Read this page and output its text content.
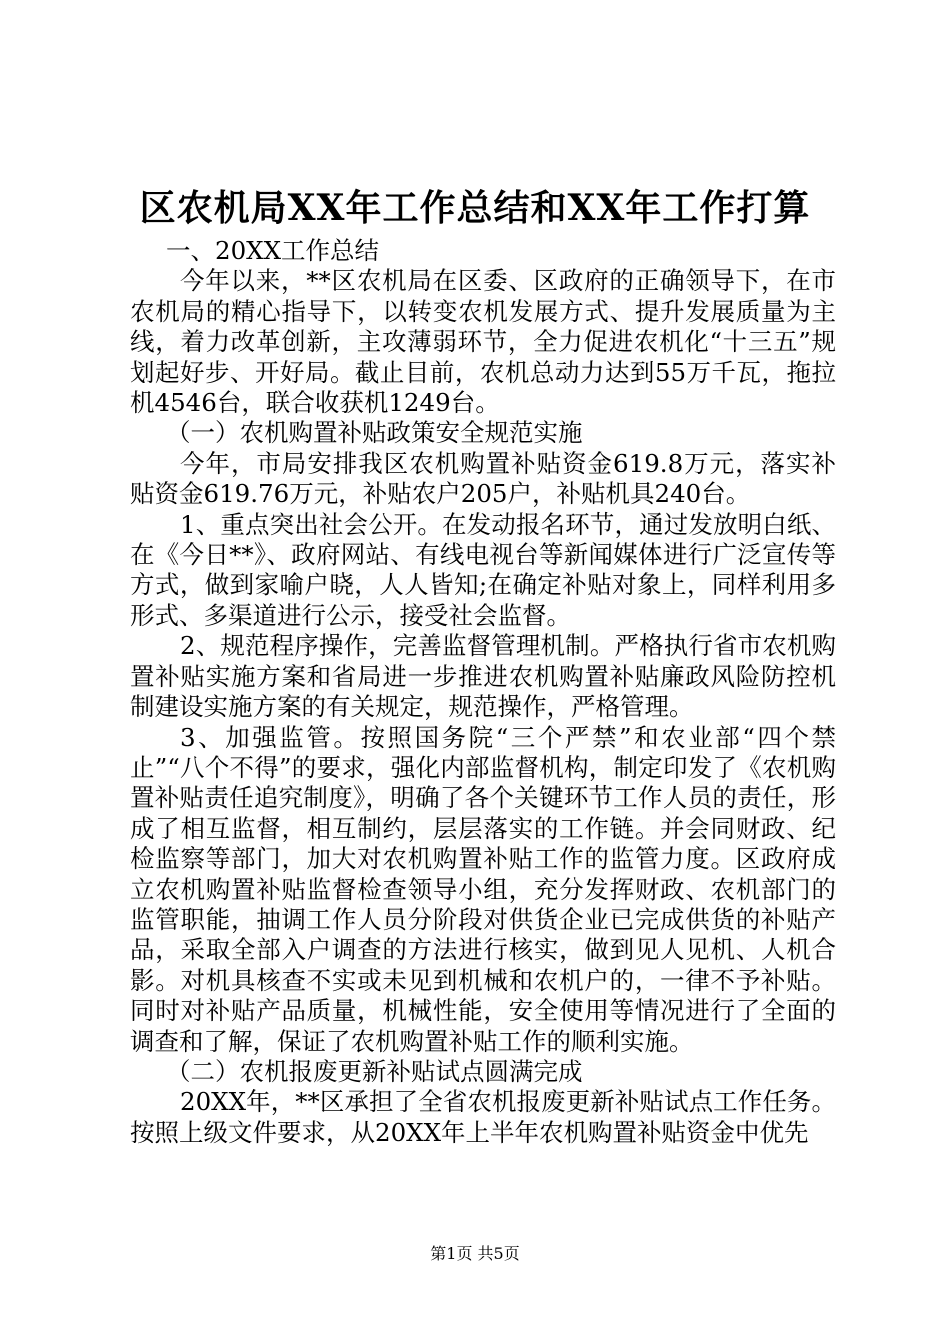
区农机局XX年工作总结和XX年工作打算

一、20XX工作总结

今年以来，**区农机局在区委、区政府的正确领导下，在市农机局的精心指导下，以转变农机发展方式、提升发展质量为主线，着力改革创新，主攻薄弱环节，全力促进农机化“十三五”规划起好步、开好局。截止目前，农机总动力达到55万千瓦，拖拉机4546台，联合收获机1249台。

（一）农机购置补贴政策安全规范实施

今年，市局安排我区农机购置补贴资金619.8万元，落实补贴资金619.76万元，补贴农户205户，补贴机具240台。

1、重点突出社会公开。在发动报名环节，通过发放明白纸、在《今日**》、政府网站、有线电视台等新闻媒体进行广泛宣传等方式，做到家喻户晓，人人皆知;在确定补贴对象上，同样利用多形式、多渠道进行公示，接受社会监督。

2、规范程序操作，完善监督管理机制。严格执行省市农机购置补贴实施方案和省局进一步推进农机购置补贴廉政风险防控机制建设实施方案的有关规定，规范操作，严格管理。

3、加强监管。按照国务院“三个严禁”和农业部“四个禁止”“八个不得”的要求，强化内部监督机构，制定印发了《农机购置补贴责任追究制度》，明确了各个关键环节工作人员的责任，形成了相互监督，相互制约，层层落实的工作链。并会同财政、纪检监察等部门，加大对农机购置补贴工作的监管力度。区政府成立农机购置补贴监督检查领导小组，充分发挥财政、农机部门的监管职能，抽调工作人员分阶段对供货企业已完成供货的补贴产品，采取全部入户调查的方法进行核实，做到见人见机、人机合影。对机具核查不实或未见到机械和农机户的，一律不予补贴。同时对补贴产品质量，机械性能，安全使用等情况进行了全面的调查和了解，保证了农机购置补贴工作的顺利实施。

（二）农机报废更新补贴试点圆满完成

20XX年，**区承担了全省农机报废更新补贴试点工作任务。按照上级文件要求，从20XX年上半年农机购置补贴资金中优先

第1页 共5页
